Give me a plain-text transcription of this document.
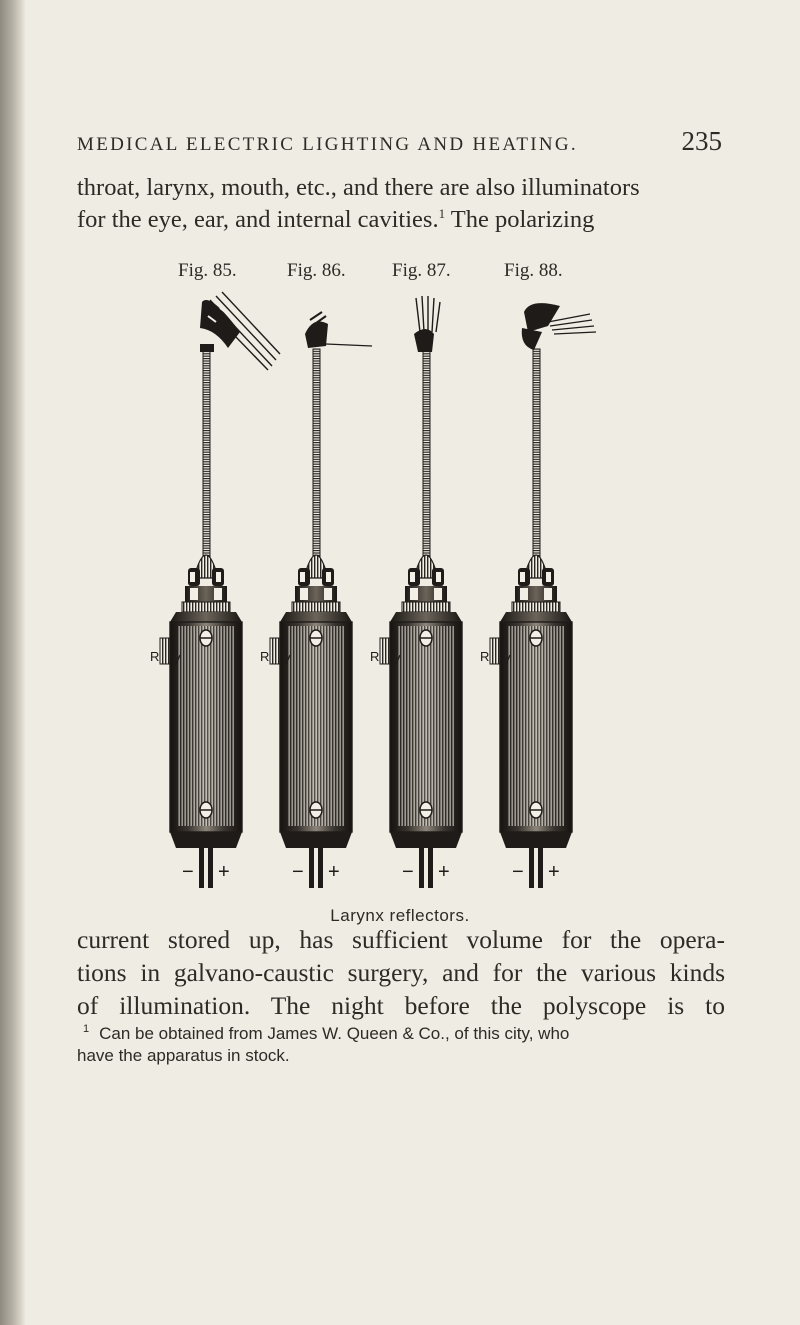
MEDICAL ELECTRIC LIGHTING AND HEATING.	235
throat, larynx, mouth, etc., and there are also illuminators
for the eye, ear, and internal cavities.$^1$ The polarizing
Fig. 85.	Fig. 86. Fig. 87.	Fig. 88.
V	V	V	V
R	R	R	R
− +	− +	− +	− +
Larynx reflectors.
current stored up, has sufficient volume for the opera-
tions in galvano-caustic surgery, and for the various kinds
of illumination. The night before the polyscope is to
$^1$ Can be obtained from James W. Queen & Co., of this city, who
have the apparatus in stock.
